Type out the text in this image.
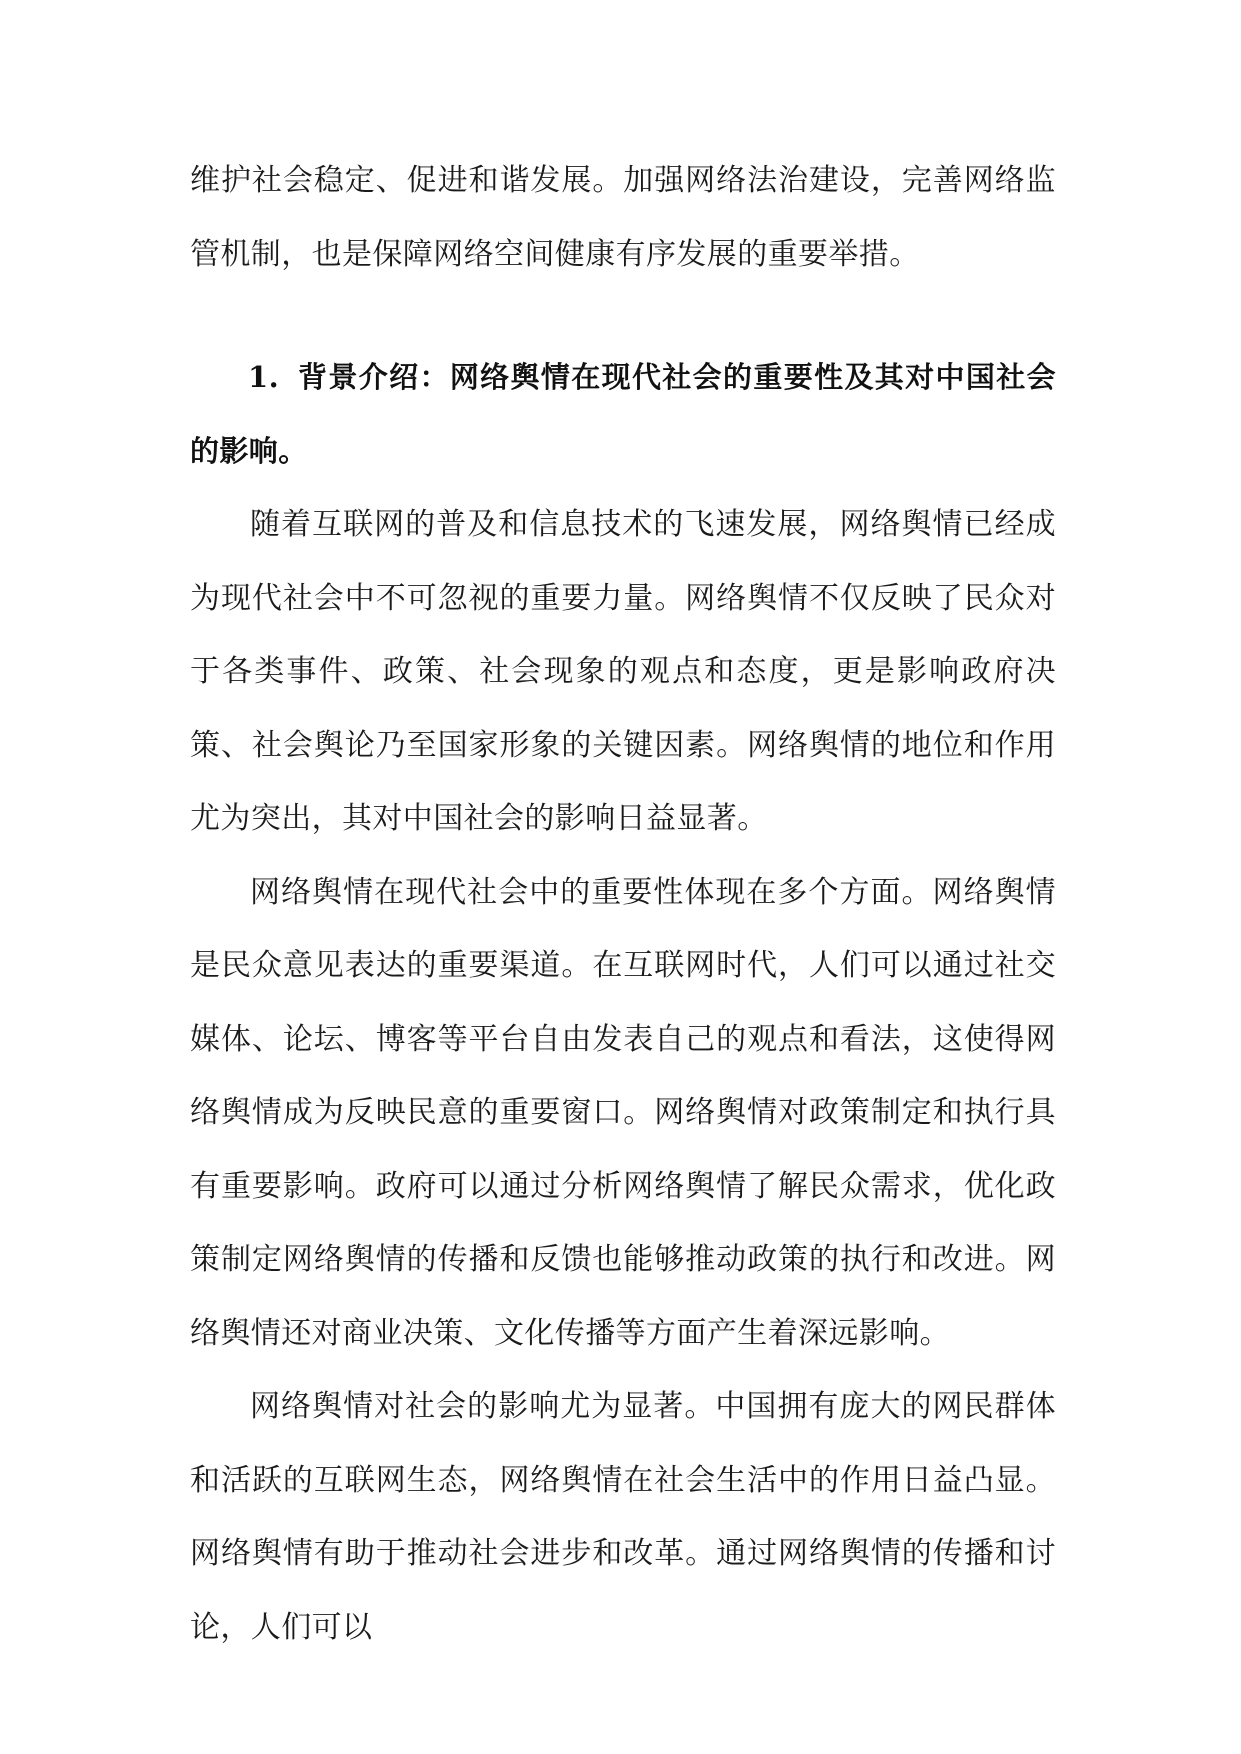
维护社会稳定、促进和谐发展。加强网络法治建设，完善网络监管机制，也是保障网络空间健康有序发展的重要举措。

1. 背景介绍：网络舆情在现代社会的重要性及其对中国社会的影响。

随着互联网的普及和信息技术的飞速发展，网络舆情已经成为现代社会中不可忽视的重要力量。网络舆情不仅反映了民众对于各类事件、政策、社会现象的观点和态度，更是影响政府决策、社会舆论乃至国家形象的关键因素。网络舆情的地位和作用尤为突出，其对中国社会的影响日益显著。

网络舆情在现代社会中的重要性体现在多个方面。网络舆情是民众意见表达的重要渠道。在互联网时代，人们可以通过社交媒体、论坛、博客等平台自由发表自己的观点和看法，这使得网络舆情成为反映民意的重要窗口。网络舆情对政策制定和执行具有重要影响。政府可以通过分析网络舆情了解民众需求，优化政策制定网络舆情的传播和反馈也能够推动政策的执行和改进。网络舆情还对商业决策、文化传播等方面产生着深远影响。

网络舆情对社会的影响尤为显著。中国拥有庞大的网民群体和活跃的互联网生态，网络舆情在社会生活中的作用日益凸显。网络舆情有助于推动社会进步和改革。通过网络舆情的传播和讨论，人们可以
